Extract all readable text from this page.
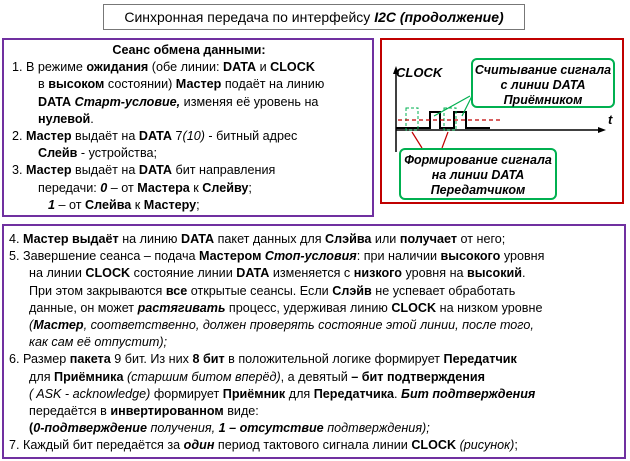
Синхронная передача по интерфейсу I2C (продолжение)
Сеанс обмена данными:
1. В режиме ожидания (обе линии: DATA и CLOCK
в высоком состоянии) Мастер подаёт на линию
DATA Старт-условие, изменяя её уровень на
нулевой.
2. Мастер выдаёт на DATA 7(10) - битный адрес
Слейв - устройства;
3. Мастер выдаёт на DATA бит направления
передачи: 0 – от Мастера к Слейву;
1 – от Слейва к Мастеру;
CLOCK
t
Считывание сигнала
с линии DATA
Приёмником
Формирование сигнала
на линии DATA
Передатчиком
4. Мастер выдаёт на линию DATA пакет данных для Слэйва или получает от него;
5. Завершение сеанса – подача Мастером Стоп-условия: при наличии высокого уровня
на линии CLOCK состояние линии DATA изменяется с низкого уровня на высокий.
При этом закрываются все открытые сеансы. Если Слэйв не успевает обработать
данные, он может растягивать процесс, удерживая линию CLOCK на низком уровне
(Мастер, соответственно, должен проверять состояние этой линии, после того,
как сам её отпустит);
6. Размер пакета 9 бит. Из них 8 бит в положительной логике формирует Передатчик
для Приёмника (старшим битом вперёд), а девятый – бит подтверждения
( ASK - acknowledge) формирует Приёмник для Передатчика. Бит подтверждения
передаётся в инвертированном виде:
(0-подтверждение получения, 1 – отсутствие подтверждения);
7. Каждый бит передаётся за один период тактового сигнала линии CLOCK (рисунок);
